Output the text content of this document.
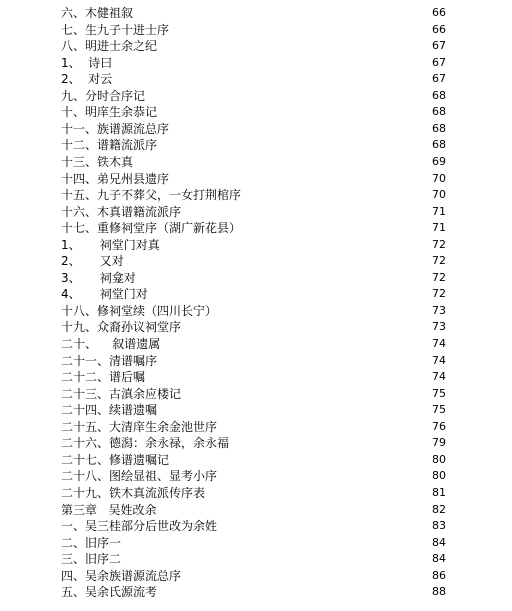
六、木健祖叙	66
七、生九子十进士序	66
八、明进士余之纪	67
1、  诗曰	67
2、  对云	67
九、分时合序记	68
十、明庠生余恭记	68
十一、族谱源流总序	68
十二、谱籍流派序	68
十三、铁木真	69
十四、弟兄州县遗序	70
十五、九子不葬父，一女打荆棺序	70
十六、木真谱籍流派序	71
十七、重修祠堂序（湖广新花县）	71
1、     祠堂门对真	72
2、     又对	72
3、     祠龛对	72
4、     祠堂门对	72
十八、修祠堂续（四川长宁）	73
十九、众裔孙议祠堂序	73
二十、    叙谱遗属	74
二十一、清谱嘱序	74
二十二、谱后嘱	74
二十三、古滇余应楼记	75
二十四、续谱遗嘱	75
二十五、大清庠生余金池世序	76
二十六、德潟：余永禄，余永福	79
二十七、修谱遗嘱记	80
二十八、图绘显祖、显考小序	80
二十九、铁木真流派传序表	81
第三章   吴姓改余	82
一、吴三桂部分后世改为余姓	83
二、旧序一	84
三、旧序二	84
四、吴余族谱源流总序	86
五、吴余氏源流考	88
